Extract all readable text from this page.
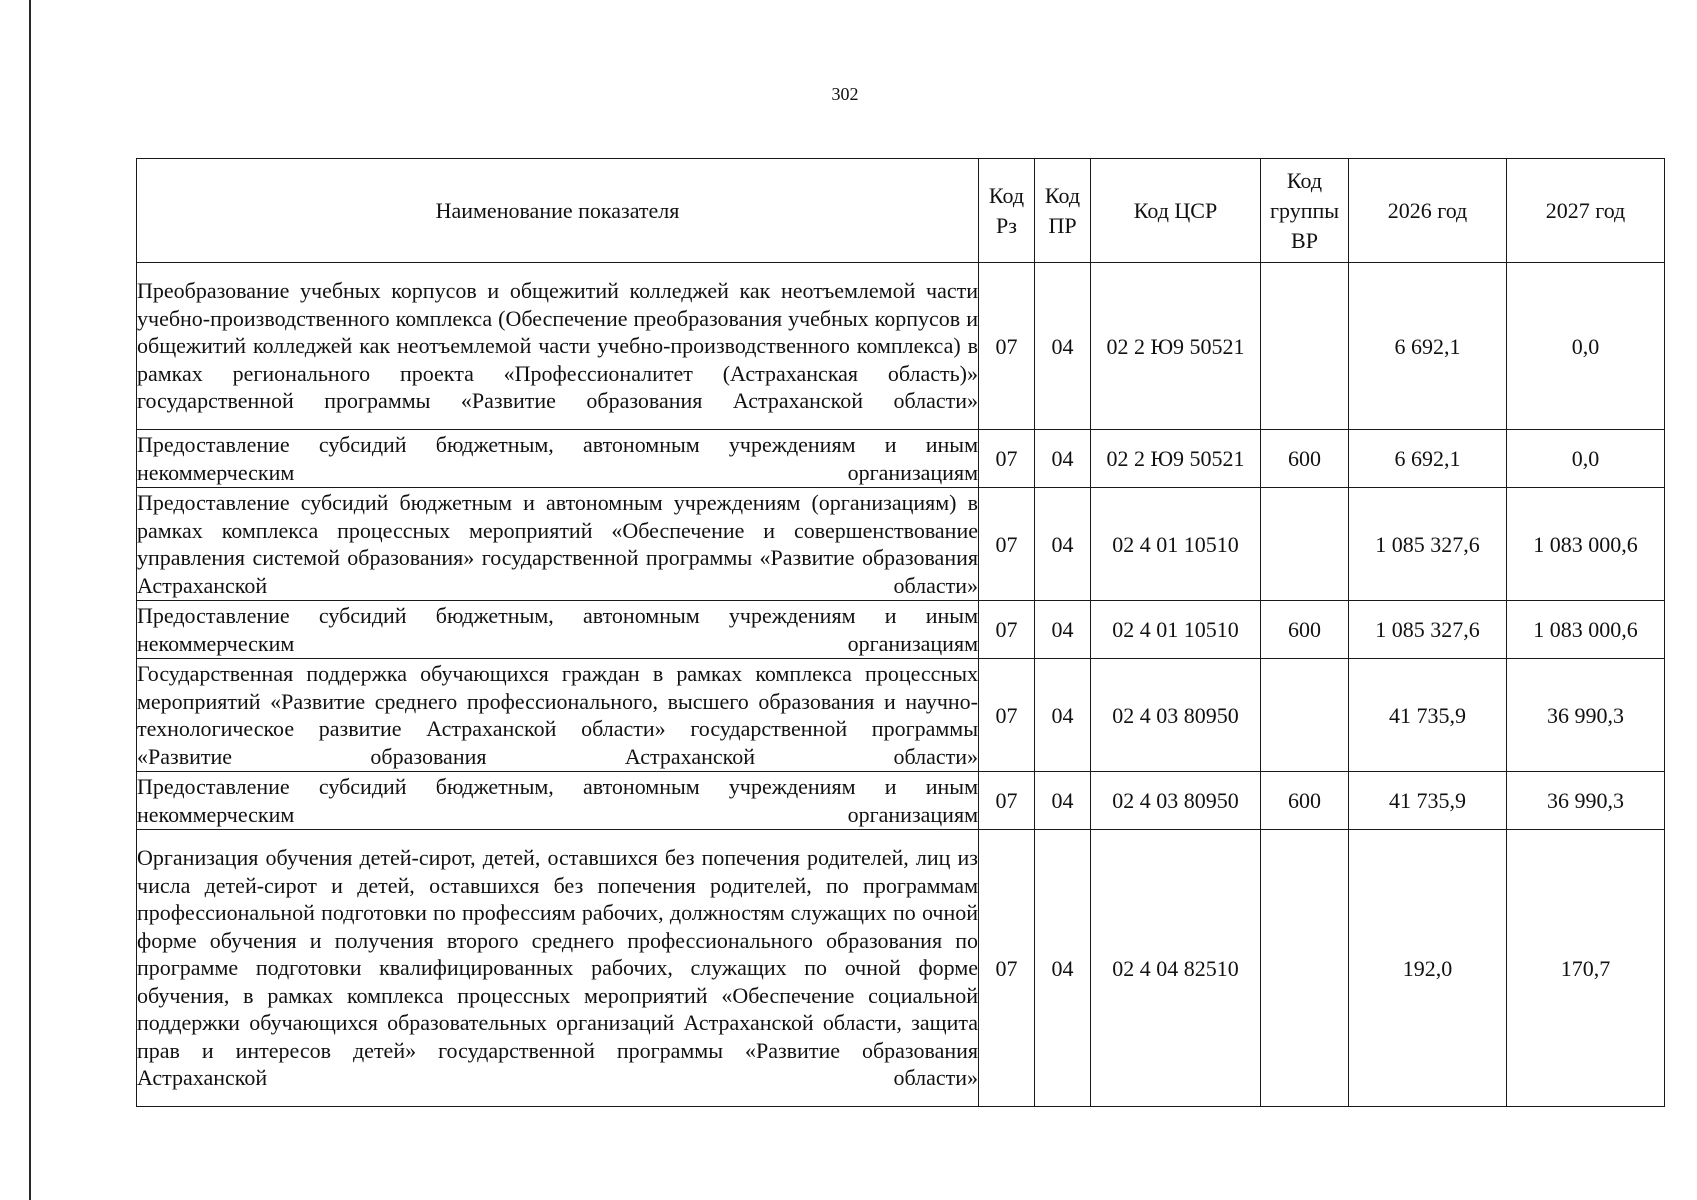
302
Наименование показателя	Код Рз	Код ПР	Код ЦСР	Код группы ВР	2026 год	2027 год
Преобразование учебных корпусов и общежитий колледжей как неотъемлемой части учебно-производственного комплекса (Обеспечение преобразования учебных корпусов и общежитий колледжей как неотъемлемой части учебно-производственного комплекса) в рамках регионального проекта «Профессионалитет (Астраханская область)» государственной программы «Развитие образования Астраханской области»	07	04	02 2 Ю9 50521		6 692,1	0,0
Предоставление субсидий бюджетным, автономным учреждениям и иным некоммерческим организациям	07	04	02 2 Ю9 50521	600	6 692,1	0,0
Предоставление субсидий бюджетным и автономным учреждениям (организациям) в рамках комплекса процессных мероприятий «Обеспечение и совершенствование управления системой образования» государственной программы «Развитие образования Астраханской области»	07	04	02 4 01 10510		1 085 327,6	1 083 000,6
Предоставление субсидий бюджетным, автономным учреждениям и иным некоммерческим организациям	07	04	02 4 01 10510	600	1 085 327,6	1 083 000,6
Государственная поддержка обучающихся граждан в рамках комплекса процессных мероприятий «Развитие среднего профессионального, высшего образования и научно-технологическое развитие Астраханской области» государственной программы «Развитие образования Астраханской области»	07	04	02 4 03 80950		41 735,9	36 990,3
Предоставление субсидий бюджетным, автономным учреждениям и иным некоммерческим организациям	07	04	02 4 03 80950	600	41 735,9	36 990,3
Организация обучения детей-сирот, детей, оставшихся без попечения родителей, лиц из числа детей-сирот и детей, оставшихся без попечения родителей, по программам профессиональной подготовки по профессиям рабочих, должностям служащих по очной форме обучения и получения второго среднего профессионального образования по программе подготовки квалифицированных рабочих, служащих по очной форме обучения, в рамках комплекса процессных мероприятий «Обеспечение социальной поддержки обучающихся образовательных организаций Астраханской области, защита прав и интересов детей» государственной программы «Развитие образования Астраханской области»	07	04	02 4 04 82510		192,0	170,7
